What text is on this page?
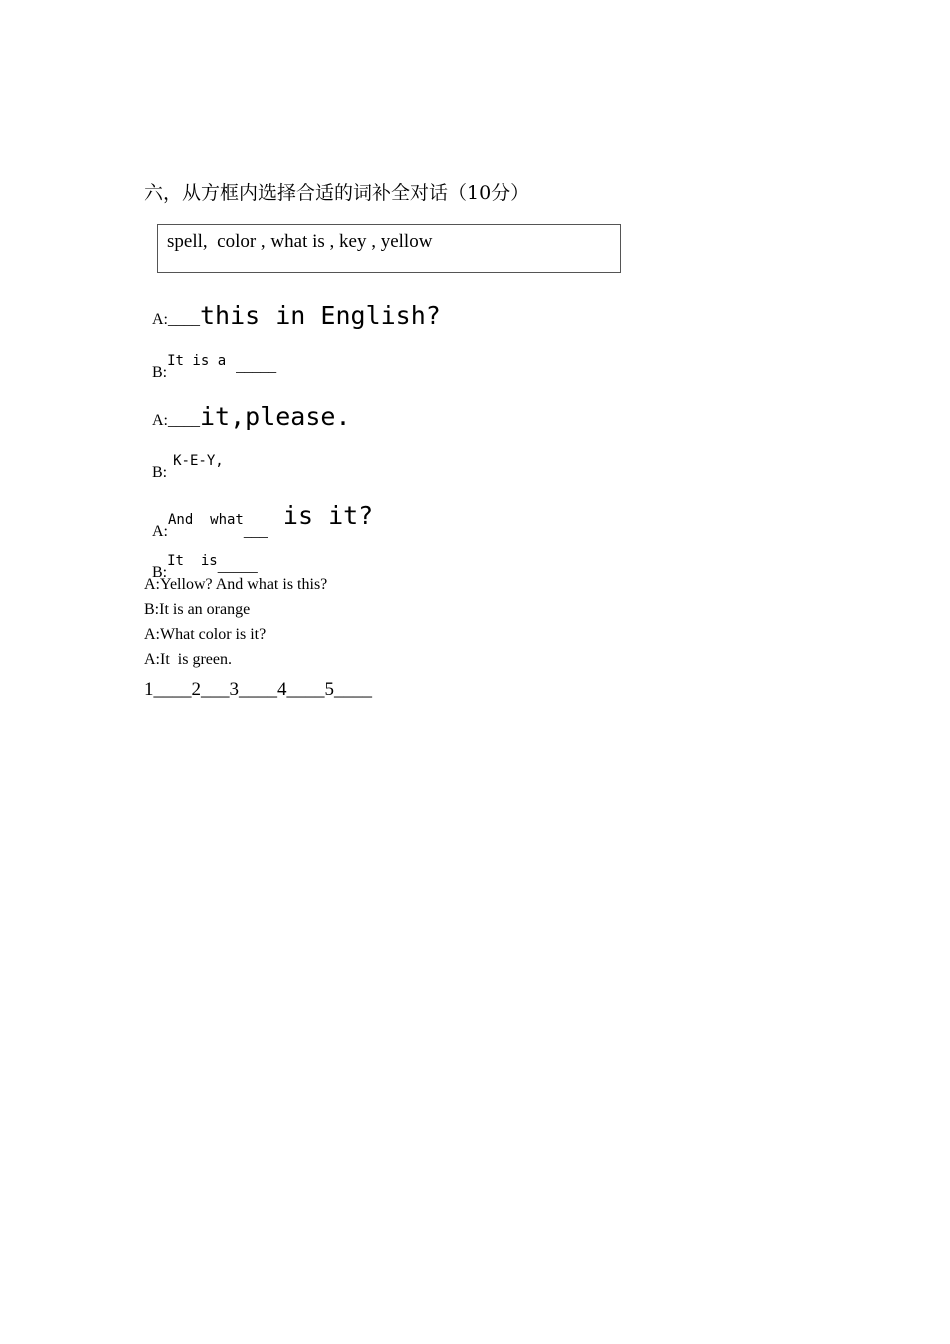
六，从方框内选择合适的词补全对话（10分）

spell,  color , what is , key , yellow

A:____this in English?

B:It is a _____

A:____it,please.

B:K-E-Y,

A:And  what___ is it?

B:It  is_____

A:Yellow? And what is this?
B:It is an orange
A:What color is it?
A:It  is green.
1____2___3____4____5____
